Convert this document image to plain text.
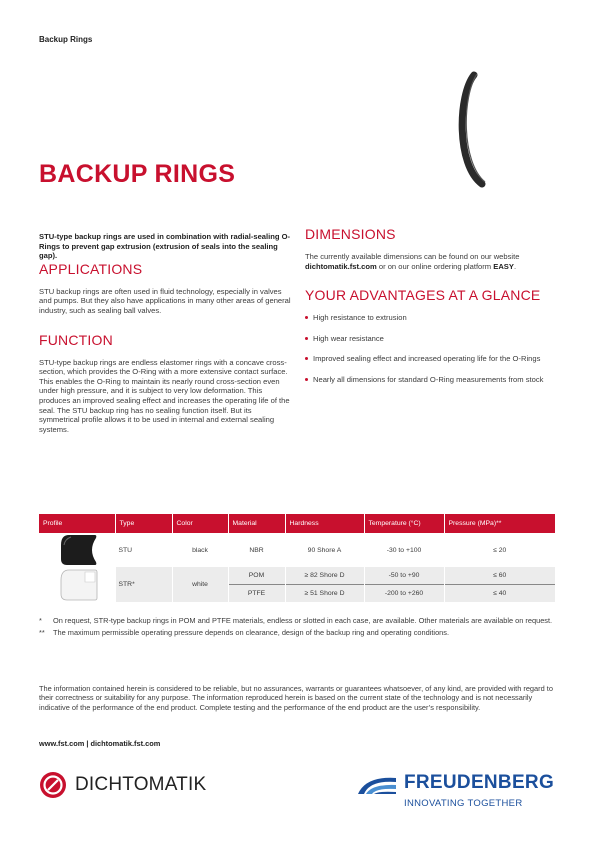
Backup Rings
BACKUP RINGS

STU-type backup rings are used in combination with radial-sealing O-Rings to prevent gap extrusion (extrusion of seals into the sealing gap).

APPLICATIONS

STU backup rings are often used in fluid technology, especially in valves and pumps. But they also have applications in many other areas of general industry, such as sealing ball valves.

FUNCTION

STU-type backup rings are endless elastomer rings with a concave cross-section, which provides the O-Ring with a more extensive contact surface. This enables the O-Ring to maintain its nearly round cross-section even under high pressure, and it is subject to very low deformation. This produces an improved sealing effect and increases the operating life of the seal. The STU backup ring has no sealing function itself. But its symmetrical profile allows it to be used in internal and external sealing systems.

DIMENSIONS

The currently available dimensions can be found on our website dichtomatik.fst.com or on our online ordering platform EASY.

YOUR ADVANTAGES AT A GLANCE
High resistance to extrusion
High wear resistance
Improved sealing effect and increased operating life for the O-Rings
Nearly all dimensions for standard O-Ring measurements from stock
Profile	Type	Color	Material	Hardness	Temperature (°C)	Pressure (MPa)**

	STU	black	NBR	90 Shore A	-30 to +100	≤ 20

	STR*	white	POM	≥ 82 Shore D	-50 to +90	≤ 60
			PTFE	≥ 51 Shore D	-200 to +260	≤ 40
*	On request, STR-type backup rings in POM and PTFE materials, endless or slotted in each case, are available. Other materials are available on request.
**	The maximum permissible operating pressure depends on clearance, design of the backup ring and operating conditions.
The information contained herein is considered to be reliable, but no assurances, warrants or guarantees whatsoever, of any kind, are provided with regard to their correctness or suitability for any purpose. The information reproduced herein is based on the current state of the technology and is not necessarily indicative of the performance of the end product. Complete testing and the performance of the end product are the user’s responsibility.
www.fst.com | dichtomatik.fst.com
DICHTOMATIK	FREUDENBERG
INNOVATING TOGETHER
